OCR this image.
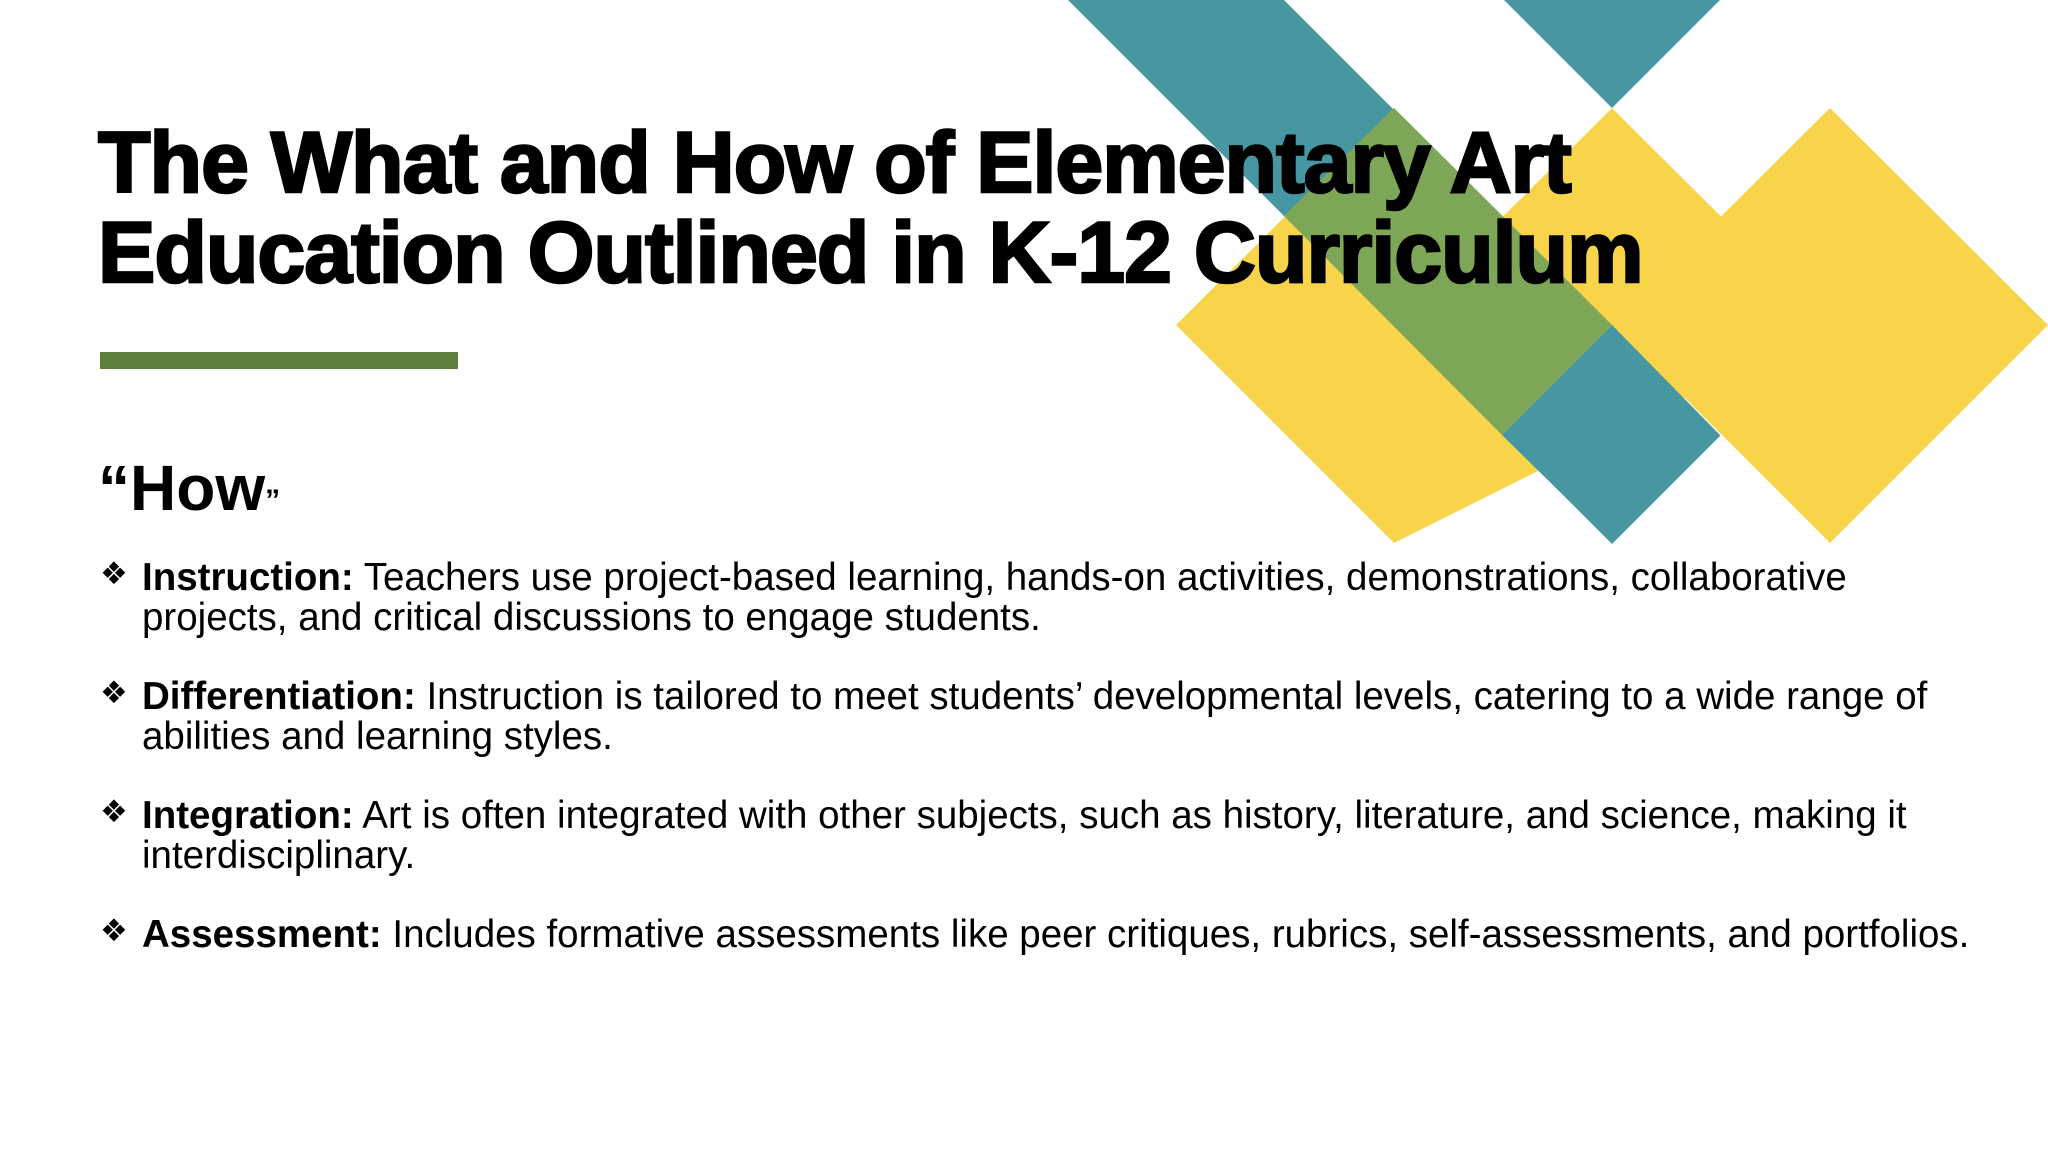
The What and How of Elementary Art
Education Outlined in K-12 Curriculum
“How”
❖ Instruction: Teachers use project-based learning, hands-on activities, demonstrations, collaborative projects, and critical discussions to engage students.
❖ Differentiation: Instruction is tailored to meet students’ developmental levels, catering to a wide range of abilities and learning styles.
❖ Integration: Art is often integrated with other subjects, such as history, literature, and science, making it interdisciplinary.
❖ Assessment: Includes formative assessments like peer critiques, rubrics, self-assessments, and portfolios.
